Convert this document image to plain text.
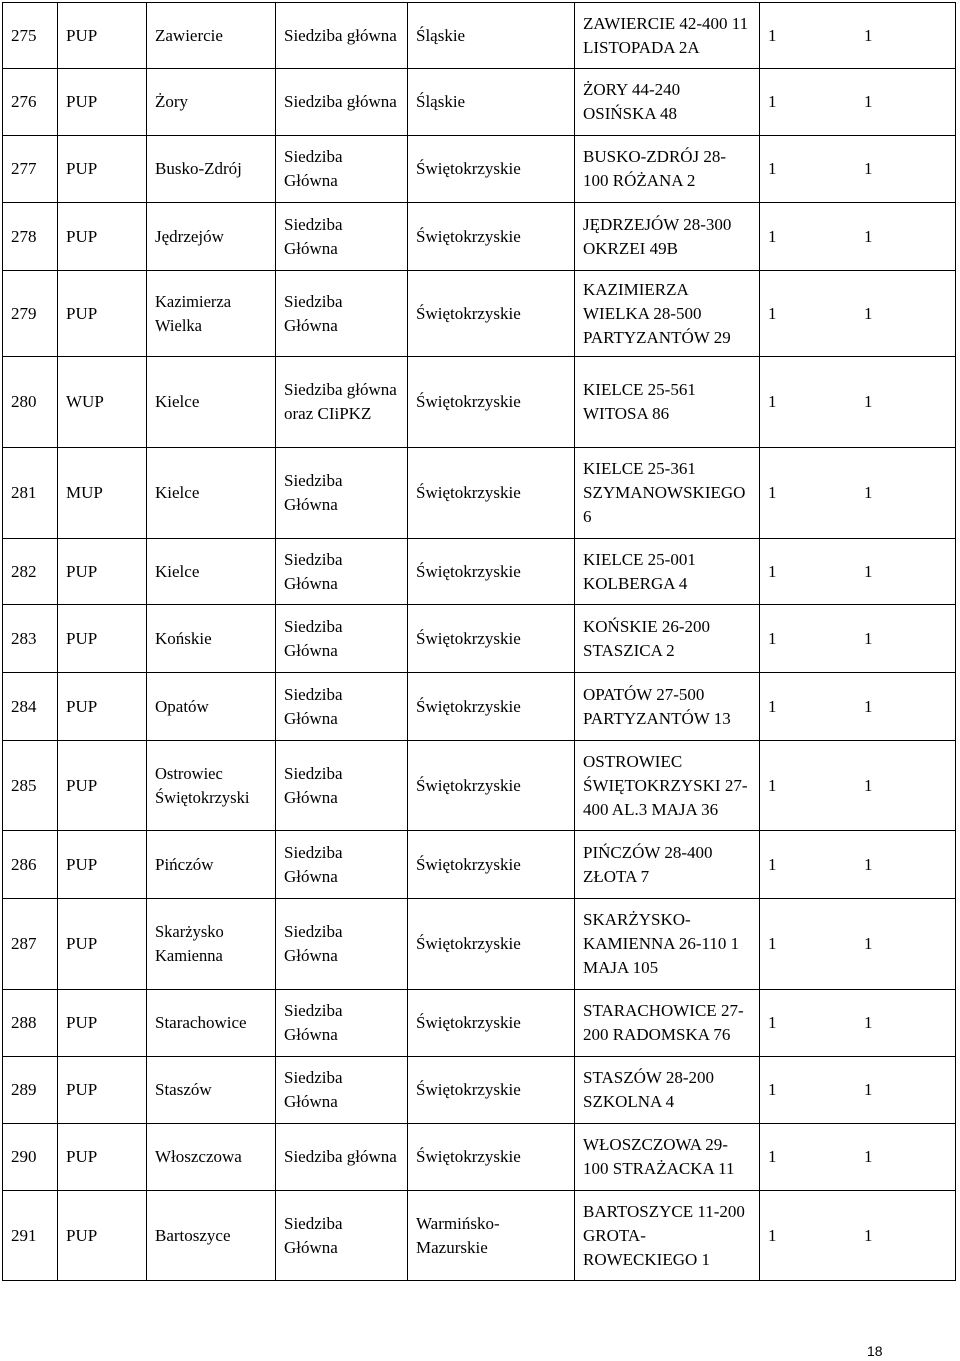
275	PUP	Zawiercie	Siedziba główna	Śląskie	ZAWIERCIE 42-400 11 LISTOPADA 2A	1 1
276	PUP	Żory	Siedziba główna	Śląskie	ŻORY 44-240 OSIŃSKA 48	1 1
277	PUP	Busko-Zdrój	Siedziba Główna	Świętokrzyskie	BUSKO-ZDRÓJ 28-100 RÓŻANA 2	1 1
278	PUP	Jędrzejów	Siedziba Główna	Świętokrzyskie	JĘDRZEJÓW 28-300 OKRZEI 49B	1 1
279	PUP	Kazimierza Wielka	Siedziba Główna	Świętokrzyskie	KAZIMIERZA WIELKA 28-500 PARTYZANTÓW 29	1 1
280	WUP	Kielce	Siedziba główna oraz CIiPKZ	Świętokrzyskie	KIELCE 25-561 WITOSA 86	1 1
281	MUP	Kielce	Siedziba Główna	Świętokrzyskie	KIELCE 25-361 SZYMANOWSKIEGO 6	1 1
282	PUP	Kielce	Siedziba Główna	Świętokrzyskie	KIELCE 25-001 KOLBERGA 4	1 1
283	PUP	Końskie	Siedziba Główna	Świętokrzyskie	KOŃSKIE 26-200 STASZICA 2	1 1
284	PUP	Opatów	Siedziba Główna	Świętokrzyskie	OPATÓW 27-500 PARTYZANTÓW 13	1 1
285	PUP	Ostrowiec Świętokrzyski	Siedziba Główna	Świętokrzyskie	OSTROWIEC ŚWIĘTOKRZYSKI 27-400 AL.3 MAJA 36	1 1
286	PUP	Pińczów	Siedziba Główna	Świętokrzyskie	PIŃCZÓW 28-400 ZŁOTA 7	1 1
287	PUP	Skarżysko Kamienna	Siedziba Główna	Świętokrzyskie	SKARŻYSKO-KAMIENNA 26-110 1 MAJA 105	1 1
288	PUP	Starachowice	Siedziba Główna	Świętokrzyskie	STARACHOWICE 27-200 RADOMSKA 76	1 1
289	PUP	Staszów	Siedziba Główna	Świętokrzyskie	STASZÓW 28-200 SZKOLNA 4	1 1
290	PUP	Włoszczowa	Siedziba główna	Świętokrzyskie	WŁOSZCZOWA 29-100 STRAŻACKA 11	1 1
291	PUP	Bartoszyce	Siedziba Główna	Warmińsko-Mazurskie	BARTOSZYCE 11-200 GROTA-ROWECKIEGO 1	1 1
18
